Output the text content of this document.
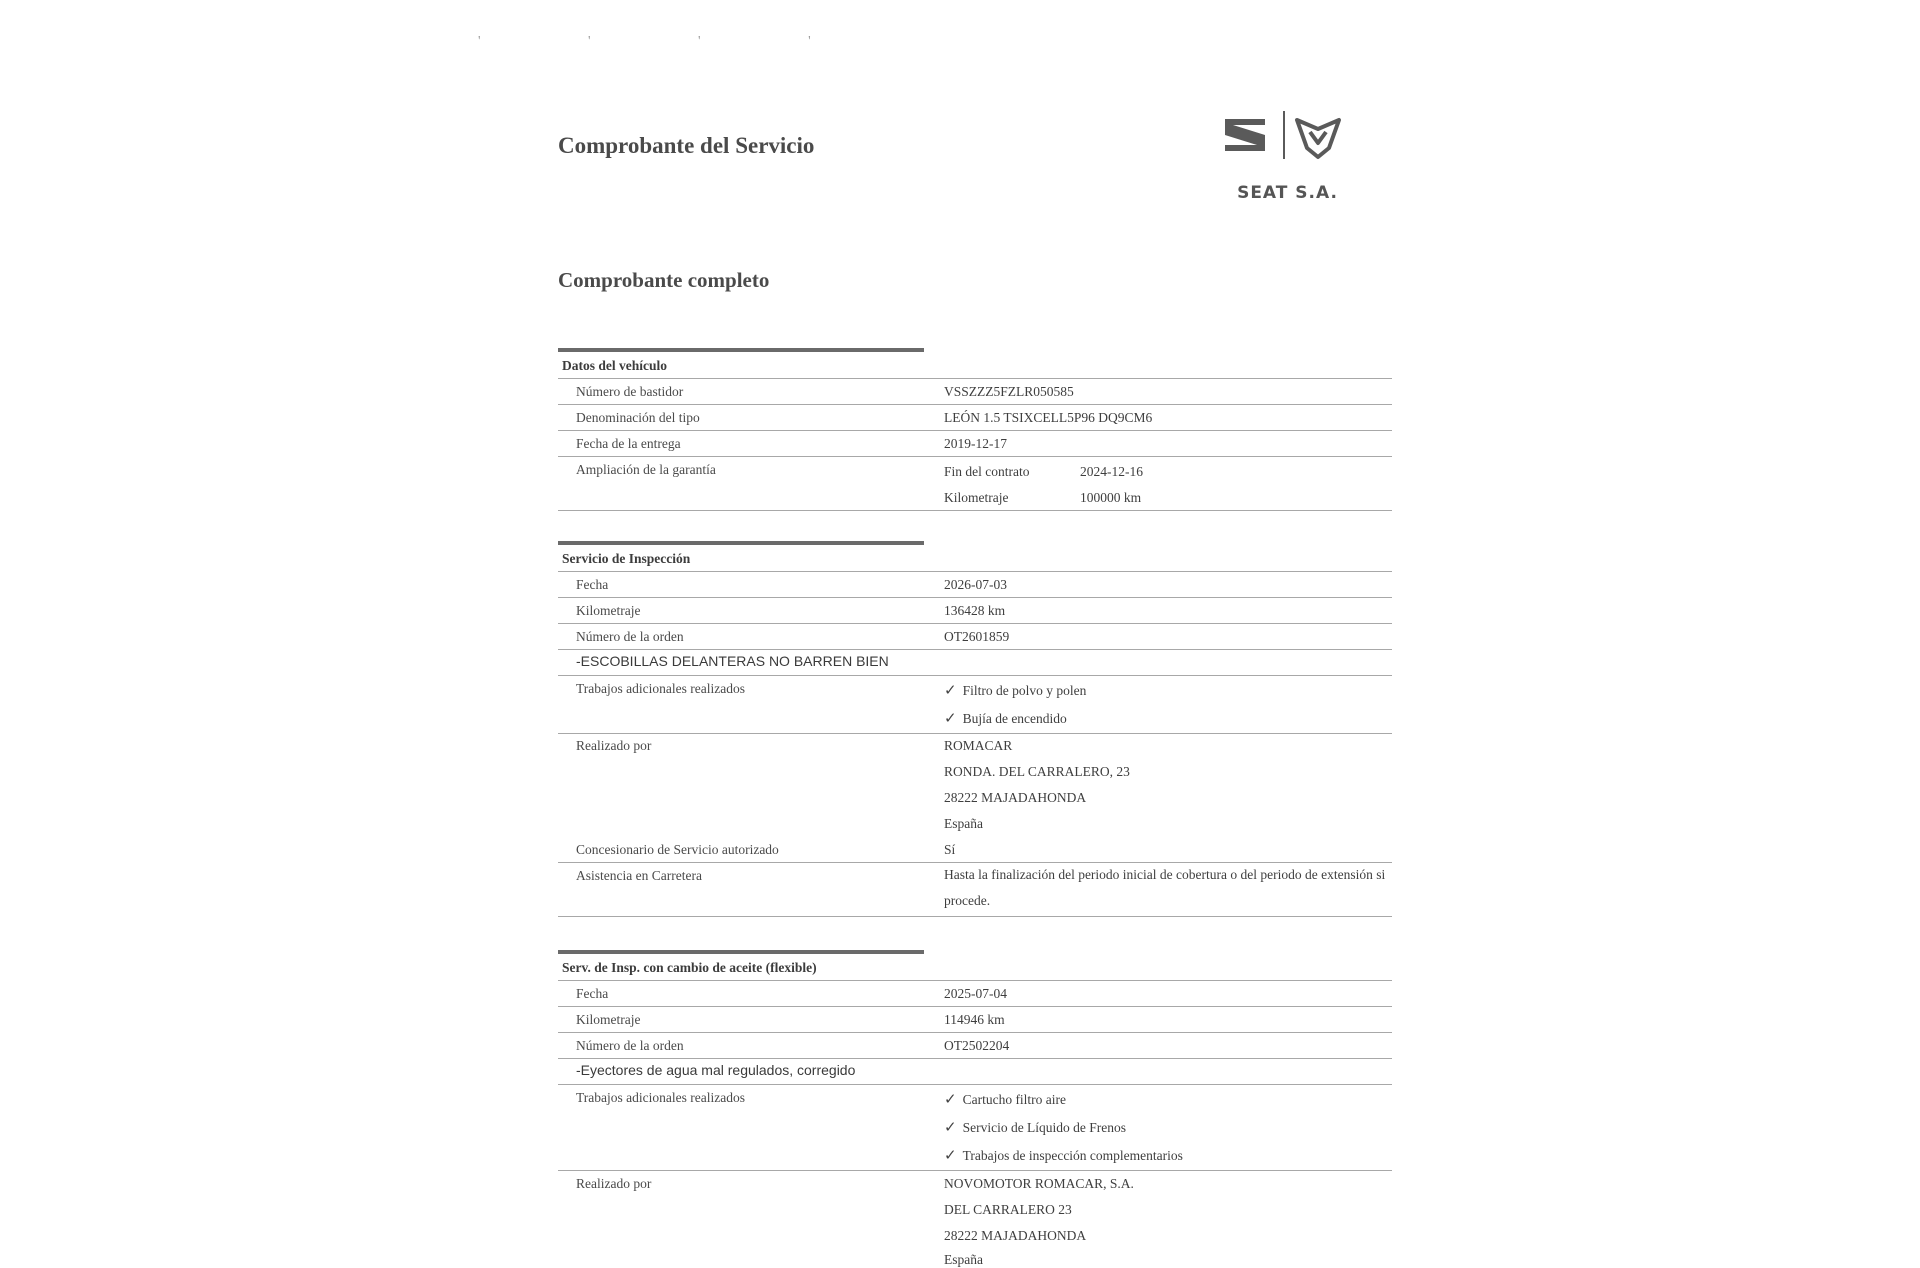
' ' ' '
Comprobante del Servicio
SEAT S.A.
Comprobante completo
Datos del vehículo
Número de bastidor	VSSZZZ5FZLR050585
Denominación del tipo	LEÓN 1.5 TSIXCELL5P96 DQ9CM6
Fecha de la entrega	2019-12-17
Ampliación de la garantía	Fin del contrato	2024-12-16
Kilometraje	100000 km
Servicio de Inspección
Fecha	2026-07-03
Kilometraje	136428 km
Número de la orden	OT2601859
-ESCOBILLAS DELANTERAS NO BARREN BIEN
Trabajos adicionales realizados	✓ Filtro de polvo y polen
✓ Bujía de encendido
Realizado por	ROMACAR
RONDA. DEL CARRALERO, 23
28222 MAJADAHONDA
España
Concesionario de Servicio autorizado	Sí
Asistencia en Carretera	Hasta la finalización del periodo inicial de cobertura o del periodo de extensión si procede.
Serv. de Insp. con cambio de aceite (flexible)
Fecha	2025-07-04
Kilometraje	114946 km
Número de la orden	OT2502204
-Eyectores de agua mal regulados, corregido
Trabajos adicionales realizados	✓ Cartucho filtro aire
✓ Servicio de Líquido de Frenos
✓ Trabajos de inspección complementarios
Realizado por	NOVOMOTOR ROMACAR, S.A.
DEL CARRALERO 23
28222 MAJADAHONDA
España
